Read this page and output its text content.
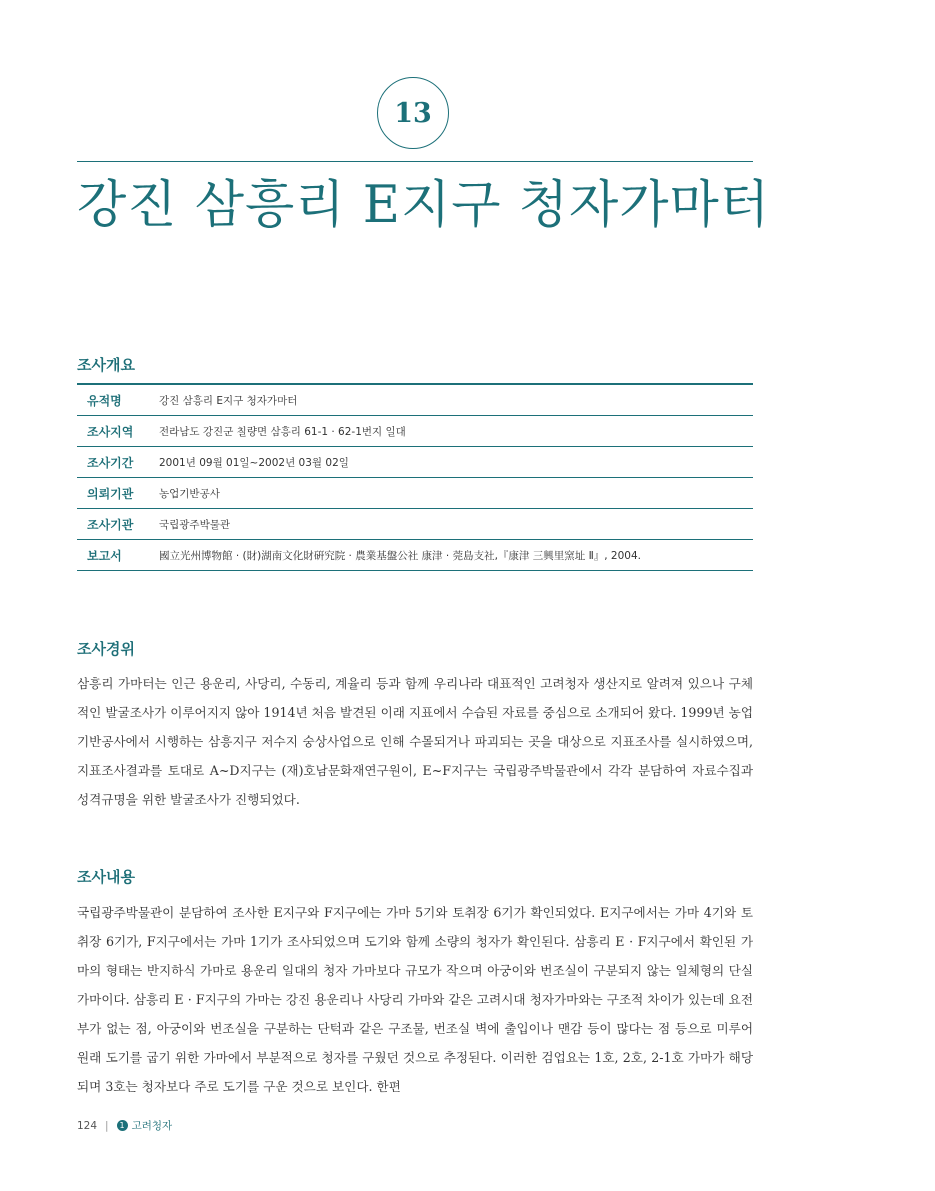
13
강진 삼흥리 E지구 청자가마터
조사개요
유적명	강진 삼흥리 E지구 청자가마터
조사지역	전라남도 강진군 칠량면 삼흥리 61-1 · 62-1번지 일대
조사기간	2001년 09월 01일~2002년 03월 02일
의뢰기관	농업기반공사
조사기관	국립광주박물관
보고서	國立光州博物館 · (財)湖南文化財硏究院 · 農業基盤公社 康津 · 莞島支社,『康津 三興里窯址 Ⅱ』, 2004.
조사경위

삼흥리 가마터는 인근 용운리, 사당리, 수동리, 계율리 등과 함께 우리나라 대표적인 고려청자 생산지로 알려져 있으나 구체적인 발굴조사가 이루어지지 않아 1914년 처음 발견된 이래 지표에서 수습된 자료를 중심으로 소개되어 왔다. 1999년 농업기반공사에서 시행하는 삼흥지구 저수지 숭상사업으로 인해 수몰되거나 파괴되는 곳을 대상으로 지표조사를 실시하였으며, 지표조사결과를 토대로 A~D지구는 (재)호남문화재연구원이, E~F지구는 국립광주박물관에서 각각 분담하여 자료수집과 성격규명을 위한 발굴조사가 진행되었다.

조사내용

국립광주박물관이 분담하여 조사한 E지구와 F지구에는 가마 5기와 토취장 6기가 확인되었다. E지구에서는 가마 4기와 토취장 6기가, F지구에서는 가마 1기가 조사되었으며 도기와 함께 소량의 청자가 확인된다. 삼흥리 E · F지구에서 확인된 가마의 형태는 반지하식 가마로 용운리 일대의 청자 가마보다 규모가 작으며 아궁이와 번조실이 구분되지 않는 일체형의 단실 가마이다. 삼흥리 E · F지구의 가마는 강진 용운리나 사당리 가마와 같은 고려시대 청자가마와는 구조적 차이가 있는데 요전부가 없는 점, 아궁이와 번조실을 구분하는 단턱과 같은 구조물, 번조실 벽에 출입이나 맨감 등이 많다는 점 등으로 미루어 원래 도기를 굽기 위한 가마에서 부분적으로 청자를 구웠던 것으로 추정된다. 이러한 검업요는 1호, 2호, 2-1호 가마가 해당되며 3호는 청자보다 주로 도기를 구운 것으로 보인다. 한편

124 |	1 고려청자
